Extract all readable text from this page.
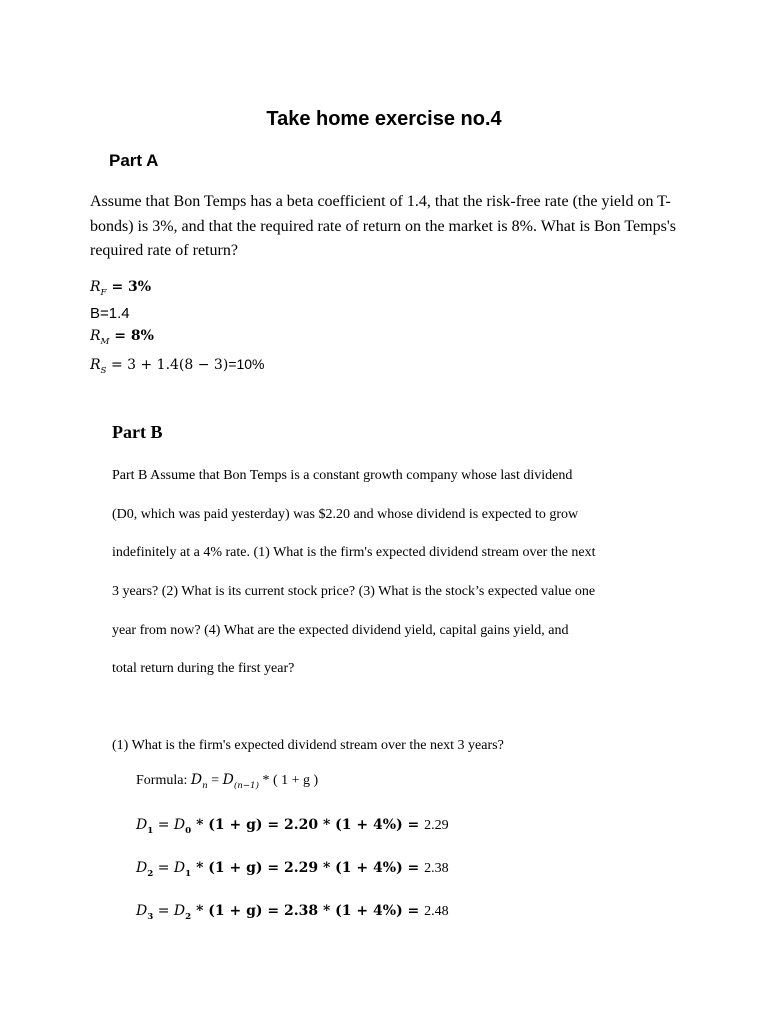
Take home exercise no.4
Part A
Assume that Bon Temps has a beta coefficient of 1.4, that the risk-free rate (the yield on T-bonds) is 3%, and that the required rate of return on the market is 8%. What is Bon Temps's required rate of return?
$R_F = 3\%$
B=1.4
$R_M = 8\%$
$R_S = 3 + 1.4(8 - 3)=10\%$
Part B
Part B Assume that Bon Temps is a constant growth company whose last dividend
(D0, which was paid yesterday) was $2.20 and whose dividend is expected to grow
indefinitely at a 4% rate. (1) What is the firm's expected dividend stream over the next
3 years? (2) What is its current stock price? (3) What is the stock’s expected value one
year from now? (4) What are the expected dividend yield, capital gains yield, and
total return during the first year?
(1) What is the firm's expected dividend stream over the next 3 years?
Formula: $D_n = D_{(n-1)}$ * ( 1 + g )
$D_1 = D_0 * (1 + g) = 2.20 * (1 + 4\%) = 2.29$
$D_2 = D_1 * (1 + g) = 2.29 * (1 + 4\%) = 2.38$
$D_3 = D_2 * (1 + g) = 2.38 * (1 + 4\%) = 2.48$
